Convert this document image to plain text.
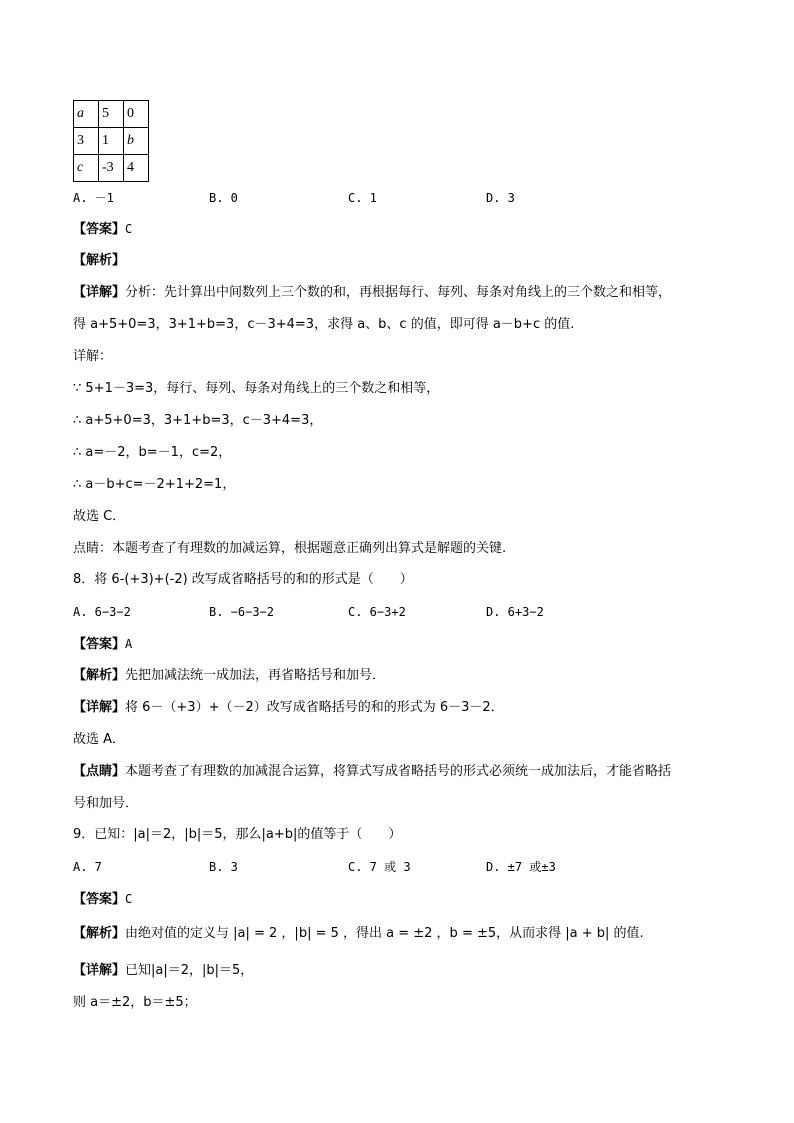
a	5	0
3	1	b
c	-3	4
A. －1	B. 0	C. 1	D. 3
【答案】C
【解析】
【详解】分析：先计算出中间数列上三个数的和，再根据每行、每列、每条对角线上的三个数之和相等，
得 a+5+0=3，3+1+b=3，c－3+4=3，求得 a、b、c 的值，即可得 a－b+c 的值.
详解：
∵ 5+1－3=3，每行、每列、每条对角线上的三个数之和相等，
∴ a+5+0=3，3+1+b=3，c－3+4=3，
∴ a=－2，b=－1，c=2，
∴ a－b+c=－2+1+2=1，
故选 C．
点睛：本题考查了有理数的加减运算，根据题意正确列出算式是解题的关键.
8．将 6-(+3)+(-2) 改写成省略括号的和的形式是（　　）
A. 6−3−2	B. −6−3−2	C. 6−3+2	D. 6+3−2
【答案】A
【解析】先把加减法统一成加法，再省略括号和加号．
【详解】将 6－（+3）+（－2）改写成省略括号的和的形式为 6－3－2．
故选 A．
【点睛】本题考查了有理数的加减混合运算，将算式写成省略括号的形式必须统一成加法后，才能省略括
号和加号．
9．已知：|a|＝2，|b|＝5，那么|a+b|的值等于（　　）
A. 7	B. 3	C. 7 或 3	D. ±7 或±3
【答案】C
【解析】由绝对值的定义与 |a| = 2 ，|b| = 5 ，得出 a = ±2 ，b = ±5，从而求得 |a + b| 的值.
【详解】已知|a|＝2，|b|＝5，
则 a＝±2，b＝±5；
